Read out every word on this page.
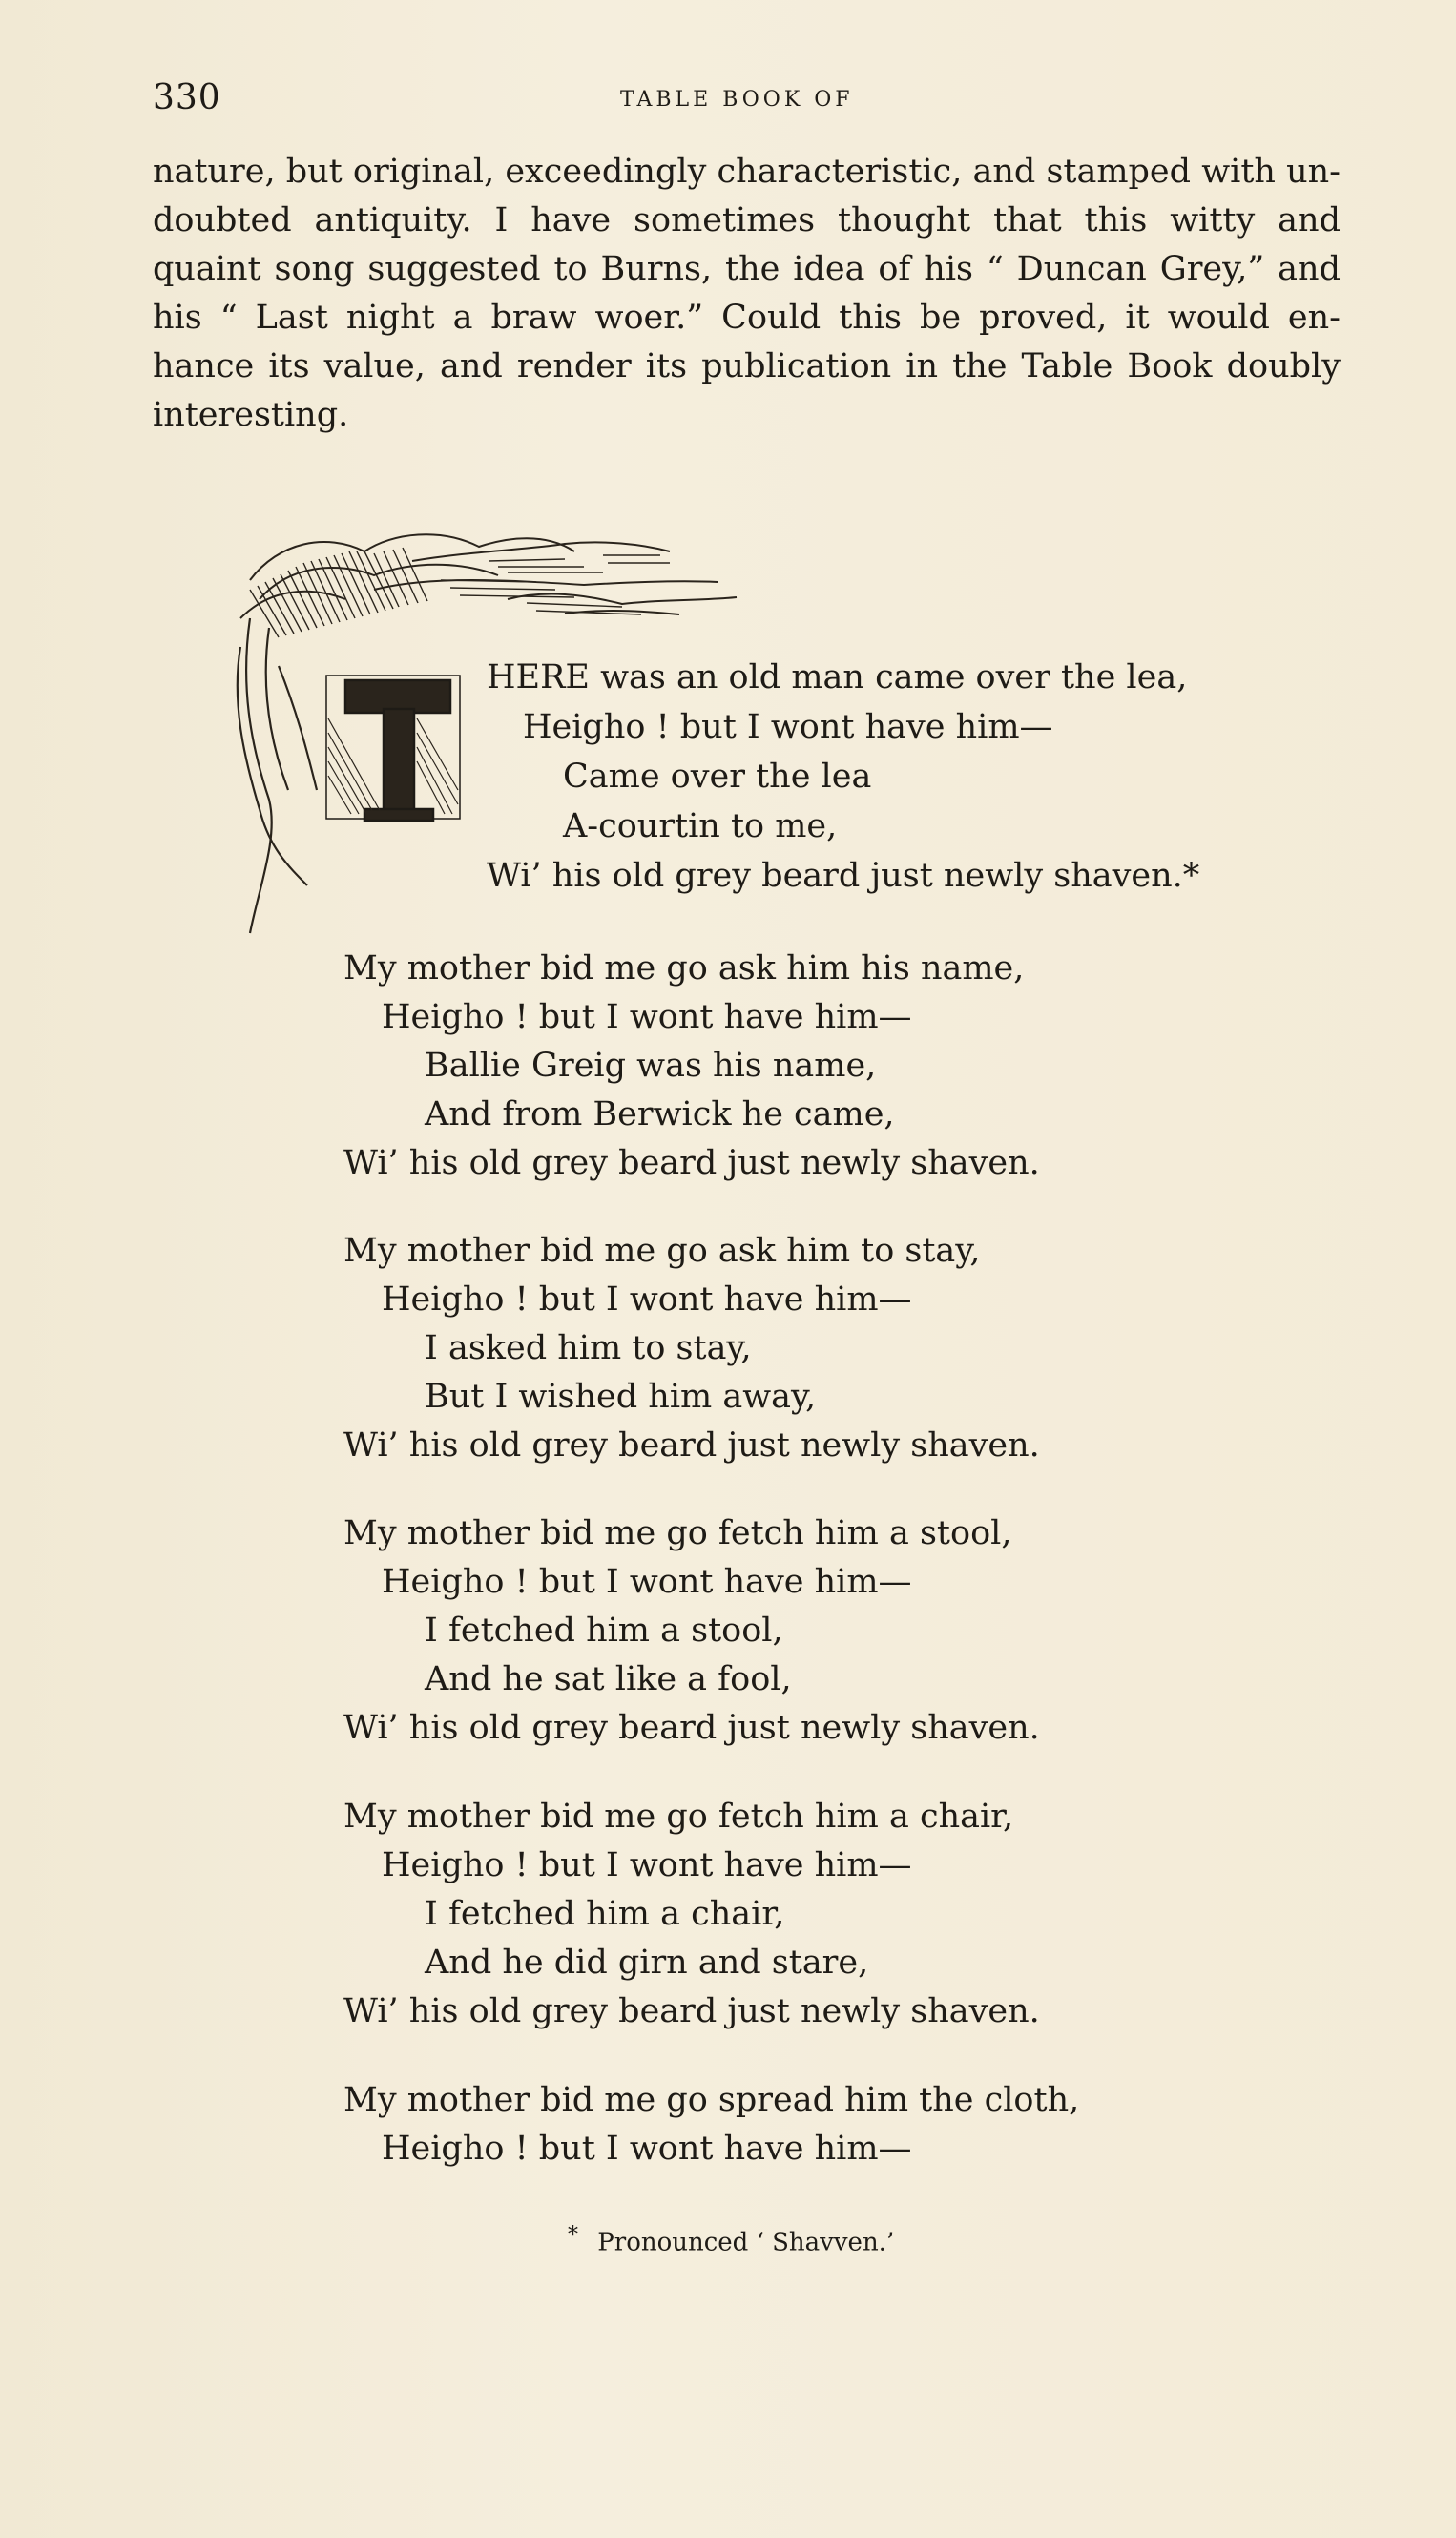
330	TABLE BOOK OF

nature, but original, exceedingly characteristic, and stamped with un-doubted antiquity. I have sometimes thought that this witty and quaint song suggested to Burns, the idea of his “ Duncan Grey,” and his “ Last night a braw woer.” Could this be proved, it would en-hance its value, and render its publication in the Table Book doubly interesting.

HERE was an old man came over the lea,
Heigho ! but I wont have him—
Came over the lea
A-courtin to me,
Wi’ his old grey beard just newly shaven.*
My mother bid me go ask him his name,
Heigho ! but I wont have him—
Ballie Greig was his name,
And from Berwick he came,
Wi’ his old grey beard just newly shaven.
My mother bid me go ask him to stay,
Heigho ! but I wont have him—
I asked him to stay,
But I wished him away,
Wi’ his old grey beard just newly shaven.
My mother bid me go fetch him a stool,
Heigho ! but I wont have him—
I fetched him a stool,
And he sat like a fool,
Wi’ his old grey beard just newly shaven.
My mother bid me go fetch him a chair,
Heigho ! but I wont have him—
I fetched him a chair,
And he did girn and stare,
Wi’ his old grey beard just newly shaven.
My mother bid me go spread him the cloth,
Heigho ! but I wont have him—
* Pronounced ‘ Shavven.’
